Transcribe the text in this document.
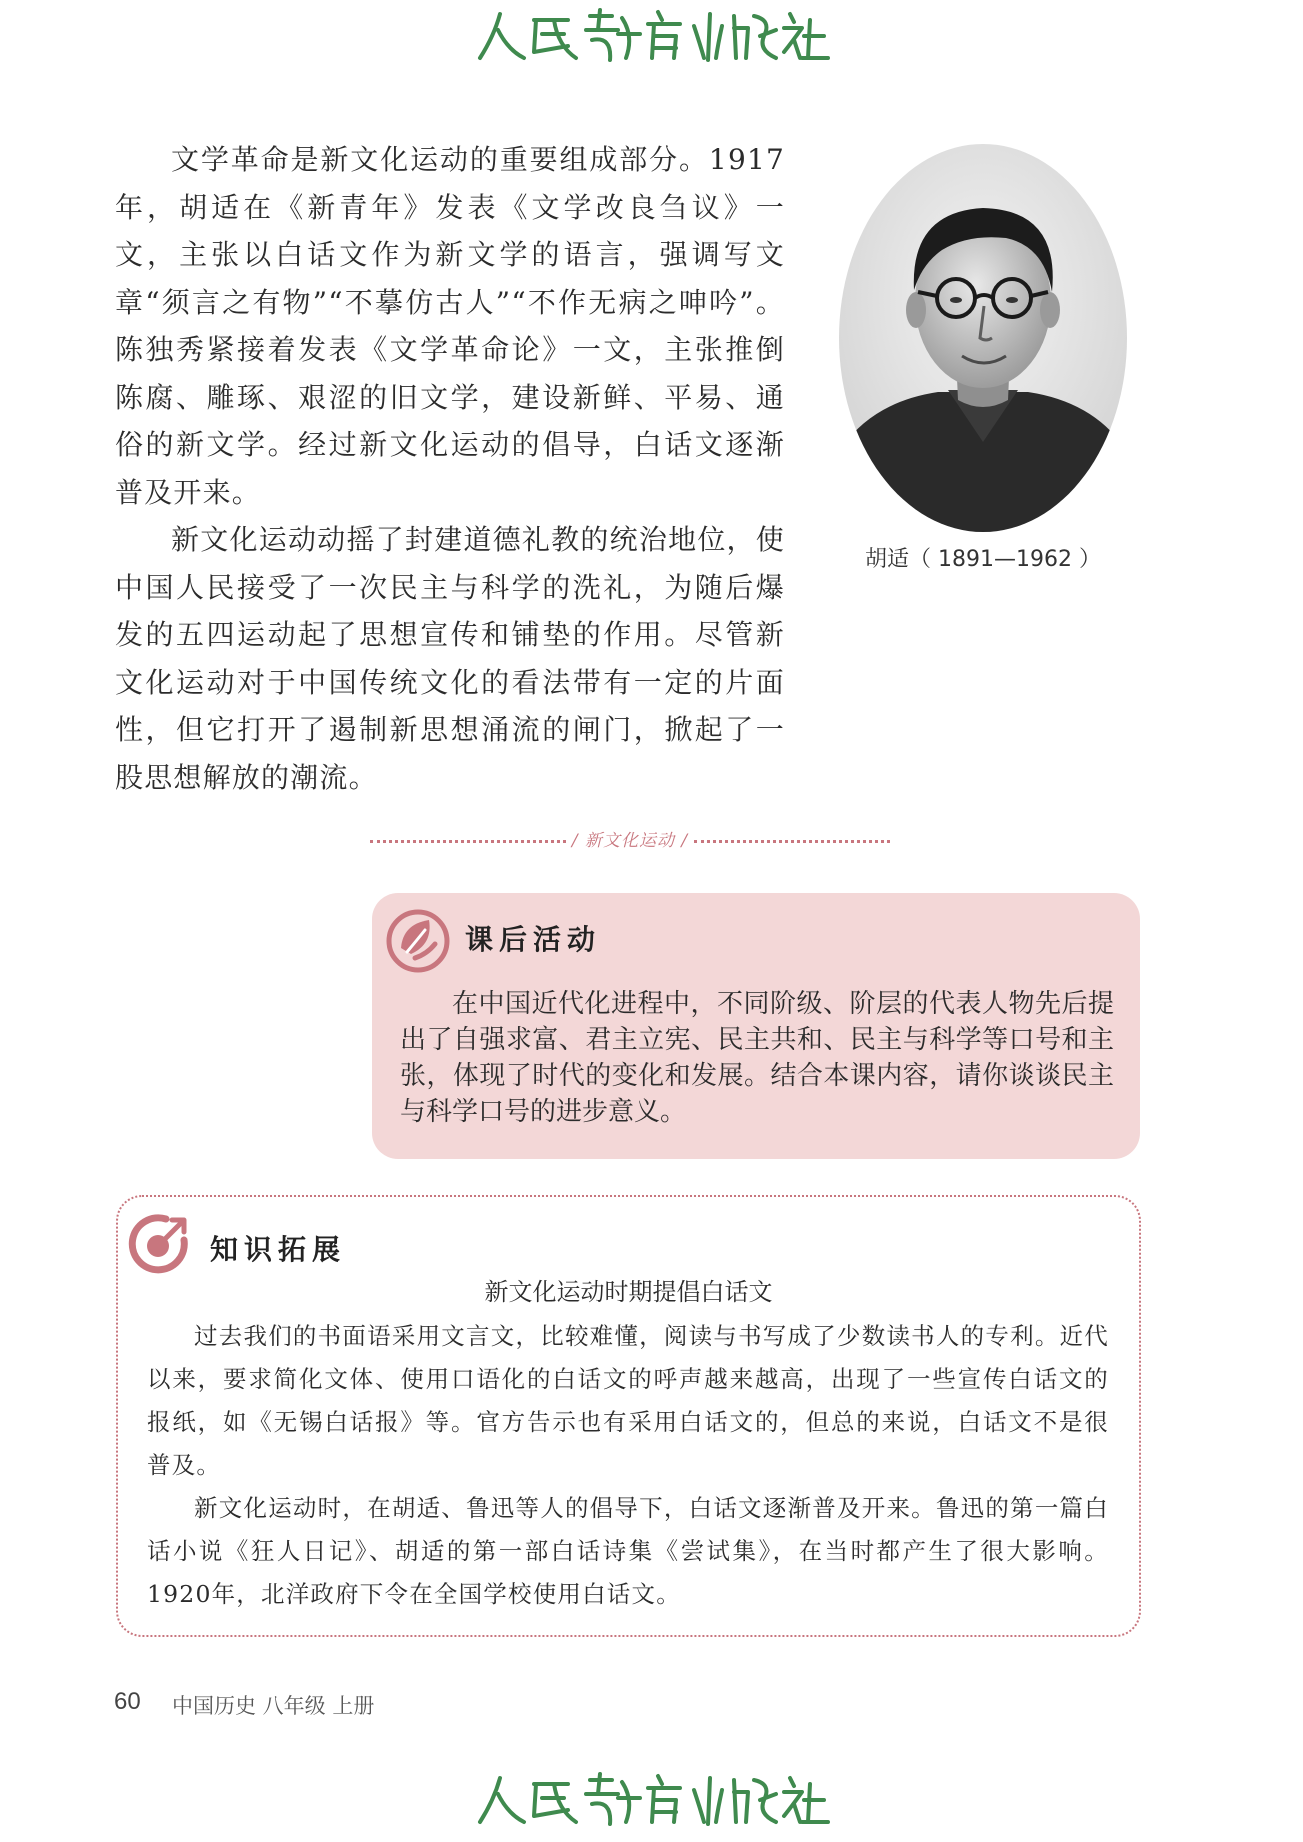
文学革命是新文化运动的重要组成部分。1917 年，胡适在《新青年》发表《文学改良刍议》一文，主张以白话文作为新文学的语言，强调写文章“须言之有物”“不摹仿古人”“不作无病之呻吟”。陈独秀紧接着发表《文学革命论》一文，主张推倒陈腐、雕琢、艰涩的旧文学，建设新鲜、平易、通俗的新文学。经过新文化运动的倡导，白话文逐渐普及开来。

新文化运动动摇了封建道德礼教的统治地位，使中国人民接受了一次民主与科学的洗礼，为随后爆发的五四运动起了思想宣传和铺垫的作用。尽管新文化运动对于中国传统文化的看法带有一定的片面性，但它打开了遏制新思想涌流的闸门，掀起了一股思想解放的潮流。

胡适（ 1891—1962 ）
/ 新文化运动 /
课后活动

在中国近代化进程中，不同阶级、阶层的代表人物先后提出了自强求富、君主立宪、民主共和、民主与科学等口号和主张，体现了时代的变化和发展。结合本课内容，请你谈谈民主与科学口号的进步意义。

知识拓展
新文化运动时期提倡白话文

过去我们的书面语采用文言文，比较难懂，阅读与书写成了少数读书人的专利。近代以来，要求简化文体、使用口语化的白话文的呼声越来越高，出现了一些宣传白话文的报纸，如《无锡白话报》等。官方告示也有采用白话文的，但总的来说，白话文不是很普及。

新文化运动时，在胡适、鲁迅等人的倡导下，白话文逐渐普及开来。鲁迅的第一篇白话小说《狂人日记》、胡适的第一部白话诗集《尝试集》，在当时都产生了很大影响。1920年，北洋政府下令在全国学校使用白话文。

60 中国历史 八年级 上册
